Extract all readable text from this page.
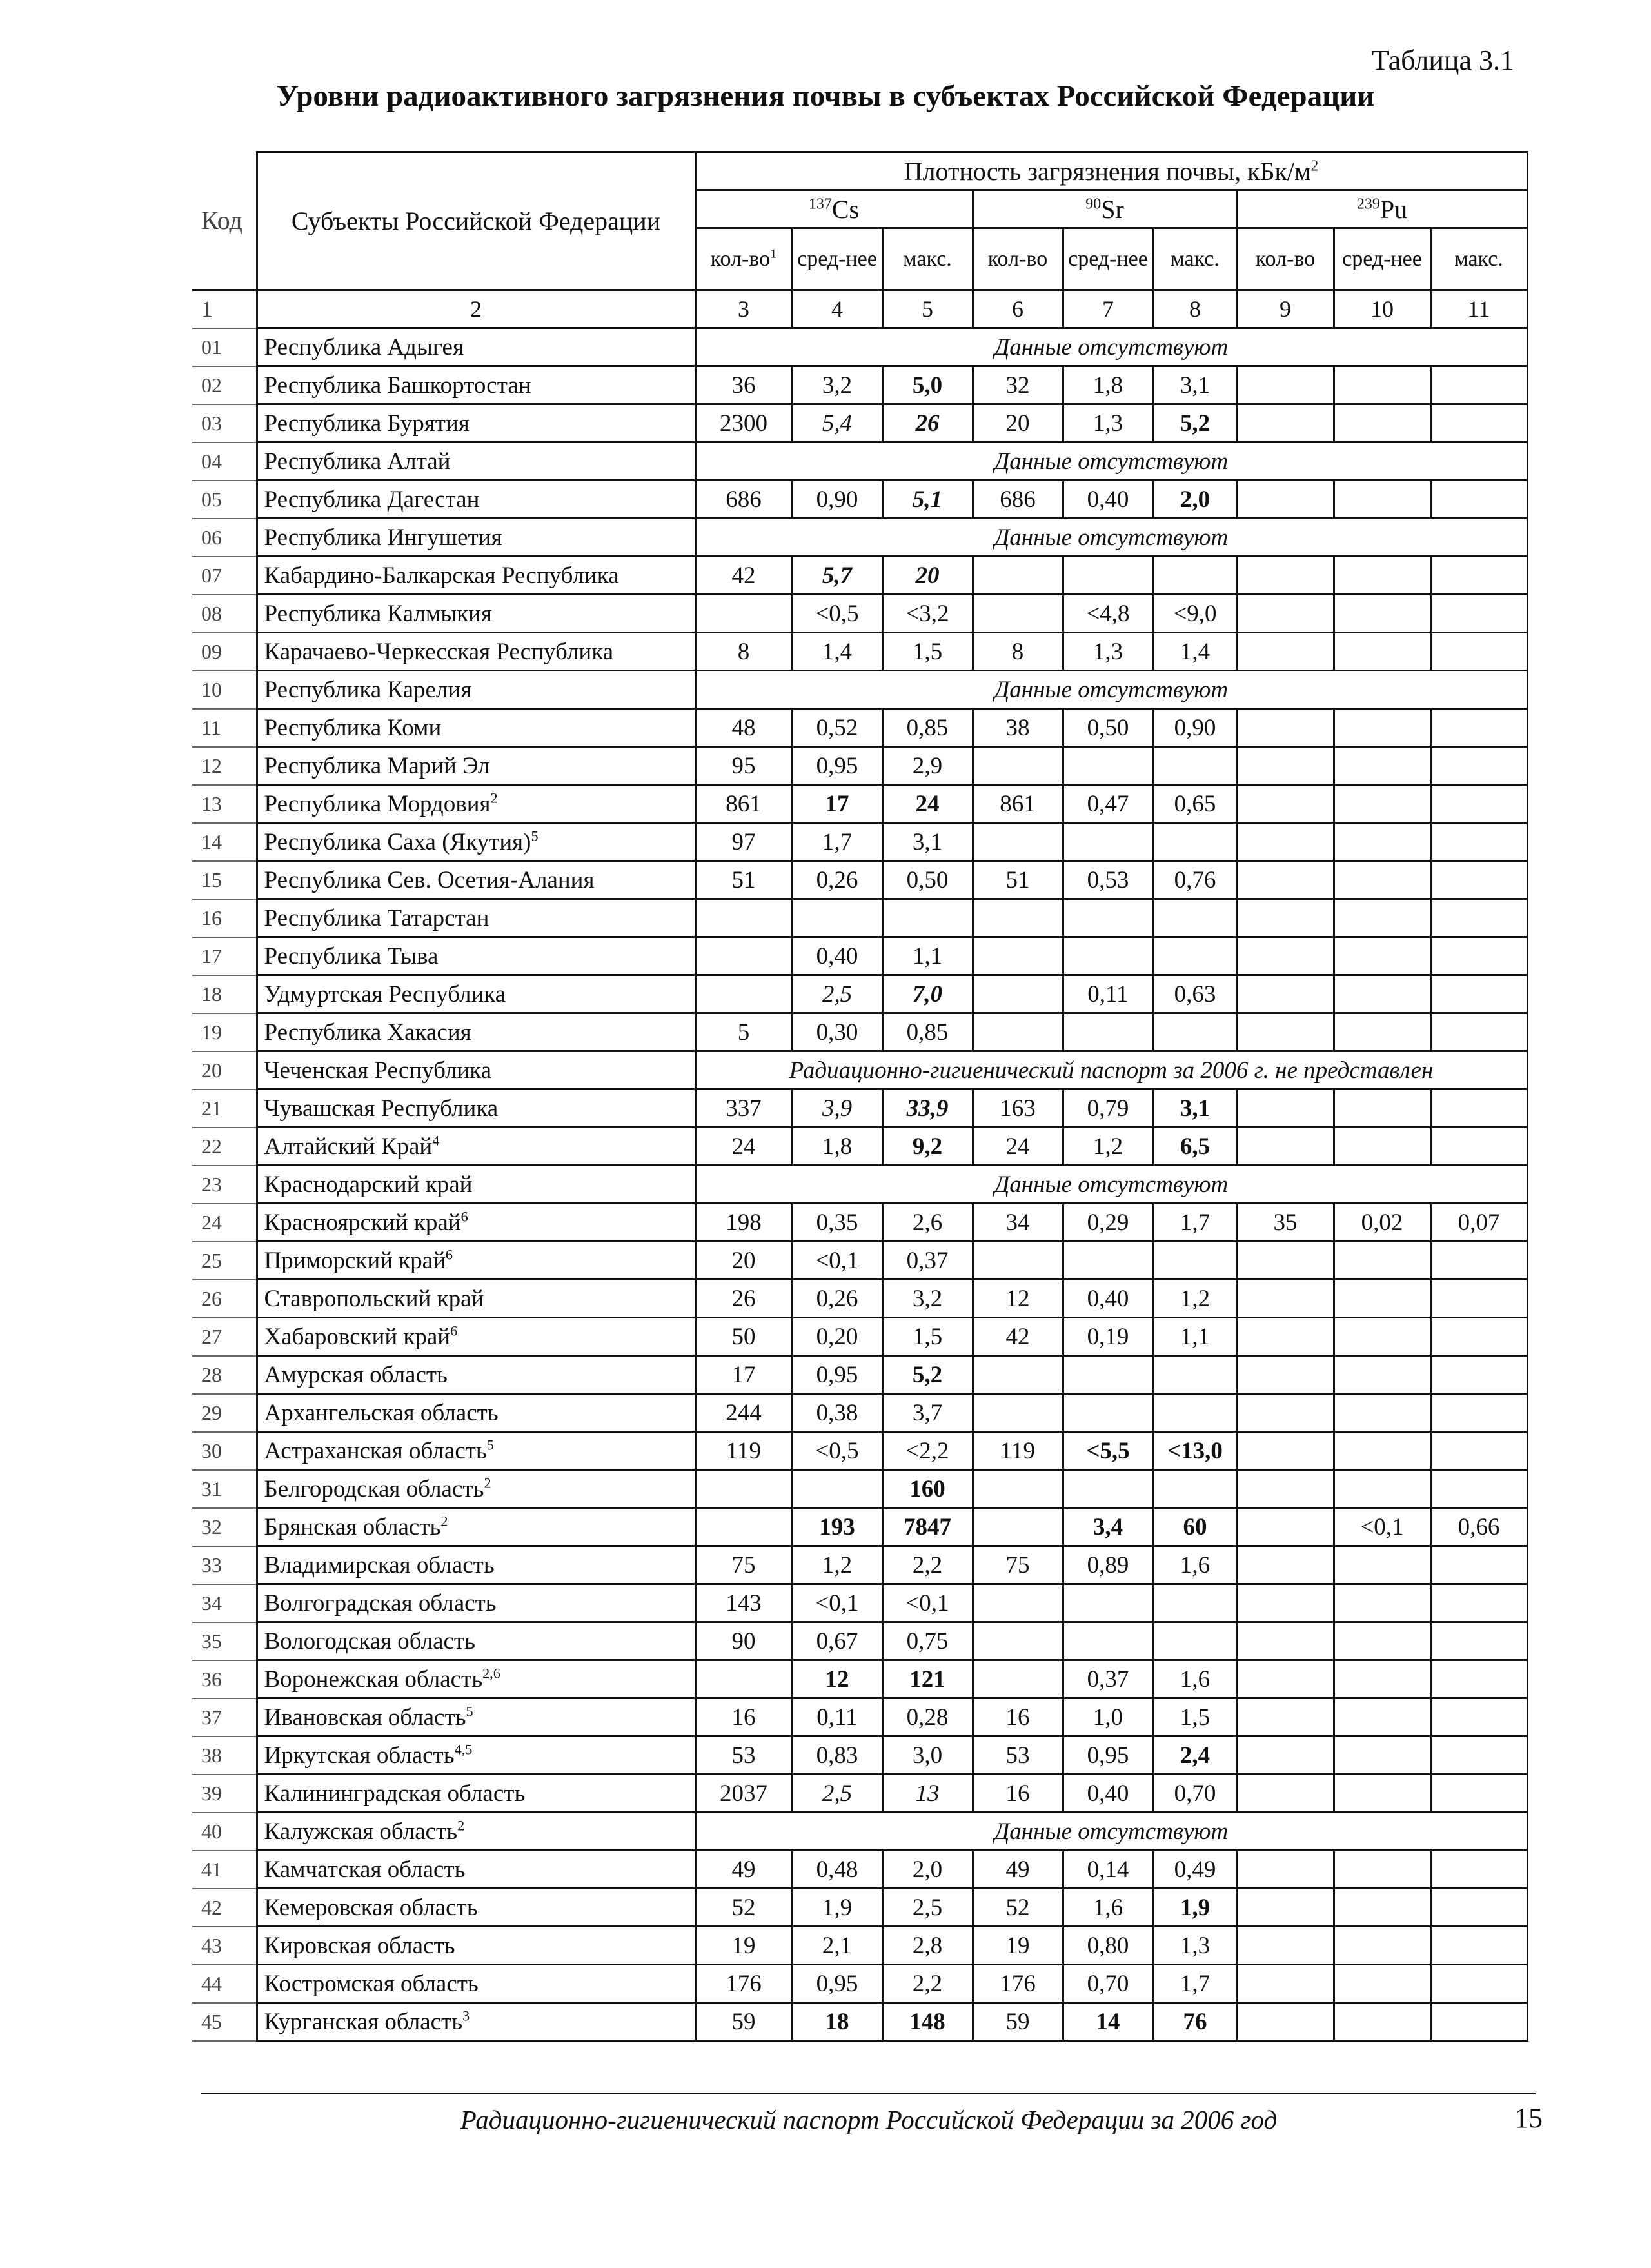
Таблица 3.1
Уровни радиоактивного загрязнения почвы в субъектах Российской Федерации
Код	Субъекты Российской Федерации	Плотность загрязнения почвы, кБк/$м^2$
		$^{137}$Cs			$^{90}$Sr			$^{239}$Pu		
		кол-$во^1$	сред-нее	макс.	кол-во	сред-нее	макс.	кол-во	сред-нее	макс.
1	2	3	4	5	6	7	8	9	10	11
01	Республика Адыгея	Данные отсутствуют								
02	Республика Башкортостан	36	3,2	5,0	32	1,8	3,1			
03	Республика Бурятия	2300	5,4	26	20	1,3	5,2			
04	Республика Алтай	Данные отсутствуют								
05	Республика Дагестан	686	0,90	5,1	686	0,40	2,0			
06	Республика Ингушетия	Данные отсутствуют								
07	Кабардино-Балкарская Республика	42	5,7	20						
08	Республика Калмыкия		<0,5	<3,2		<4,8	<9,0			
09	Карачаево-Черкесская Республика	8	1,4	1,5	8	1,3	1,4			
10	Республика Карелия	Данные отсутствуют								
11	Республика Коми	48	0,52	0,85	38	0,50	0,90			
12	Республика Марий Эл	95	0,95	2,9						
13	Республика Мордовия$^2$	861	17	24	861	0,47	0,65			
14	Республика Саха (Якутия)$^5$	97	1,7	3,1						
15	Республика Сев. Осетия-Алания	51	0,26	0,50	51	0,53	0,76			
16	Республика Татарстан									
17	Республика Тыва		0,40	1,1						
18	Удмуртская Республика		2,5	7,0		0,11	0,63			
19	Республика Хакасия	5	0,30	0,85						
20	Чеченская Республика	Радиационно-гигиенический паспорт за 2006 г. не представлен								
21	Чувашская Республика	337	3,9	33,9	163	0,79	3,1			
22	Алтайский Край$^4$	24	1,8	9,2	24	1,2	6,5			
23	Краснодарский край	Данные отсутствуют								
24	Красноярский край$^6$	198	0,35	2,6	34	0,29	1,7	35	0,02	0,07
25	Приморский край$^6$	20	<0,1	0,37						
26	Ставропольский край	26	0,26	3,2	12	0,40	1,2			
27	Хабаровский край$^6$	50	0,20	1,5	42	0,19	1,1			
28	Амурская область	17	0,95	5,2						
29	Архангельская область	244	0,38	3,7						
30	Астраханская область$^5$	119	<0,5	<2,2	119	<5,5	<13,0			
31	Белгородская область$^2$			160						
32	Брянская область$^2$		193	7847		3,4	60		<0,1	0,66
33	Владимирская область	75	1,2	2,2	75	0,89	1,6			
34	Волгоградская область	143	<0,1	<0,1						
35	Вологодская область	90	0,67	0,75						
36	Воронежская область$^{2,6}$		12	121		0,37	1,6			
37	Ивановская область$^5$	16	0,11	0,28	16	1,0	1,5			
38	Иркутская область$^{4,5}$	53	0,83	3,0	53	0,95	2,4			
39	Калининградская область	2037	2,5	13	16	0,40	0,70			
40	Калужская область$^2$	Данные отсутствуют								
41	Камчатская область	49	0,48	2,0	49	0,14	0,49			
42	Кемеровская область	52	1,9	2,5	52	1,6	1,9			
43	Кировская область	19	2,1	2,8	19	0,80	1,3			
44	Костромская область	176	0,95	2,2	176	0,70	1,7			
45	Курганская область$^3$	59	18	148	59	14	76			
Радиационно-гигиенический паспорт Российской Федерации за 2006 год	15
